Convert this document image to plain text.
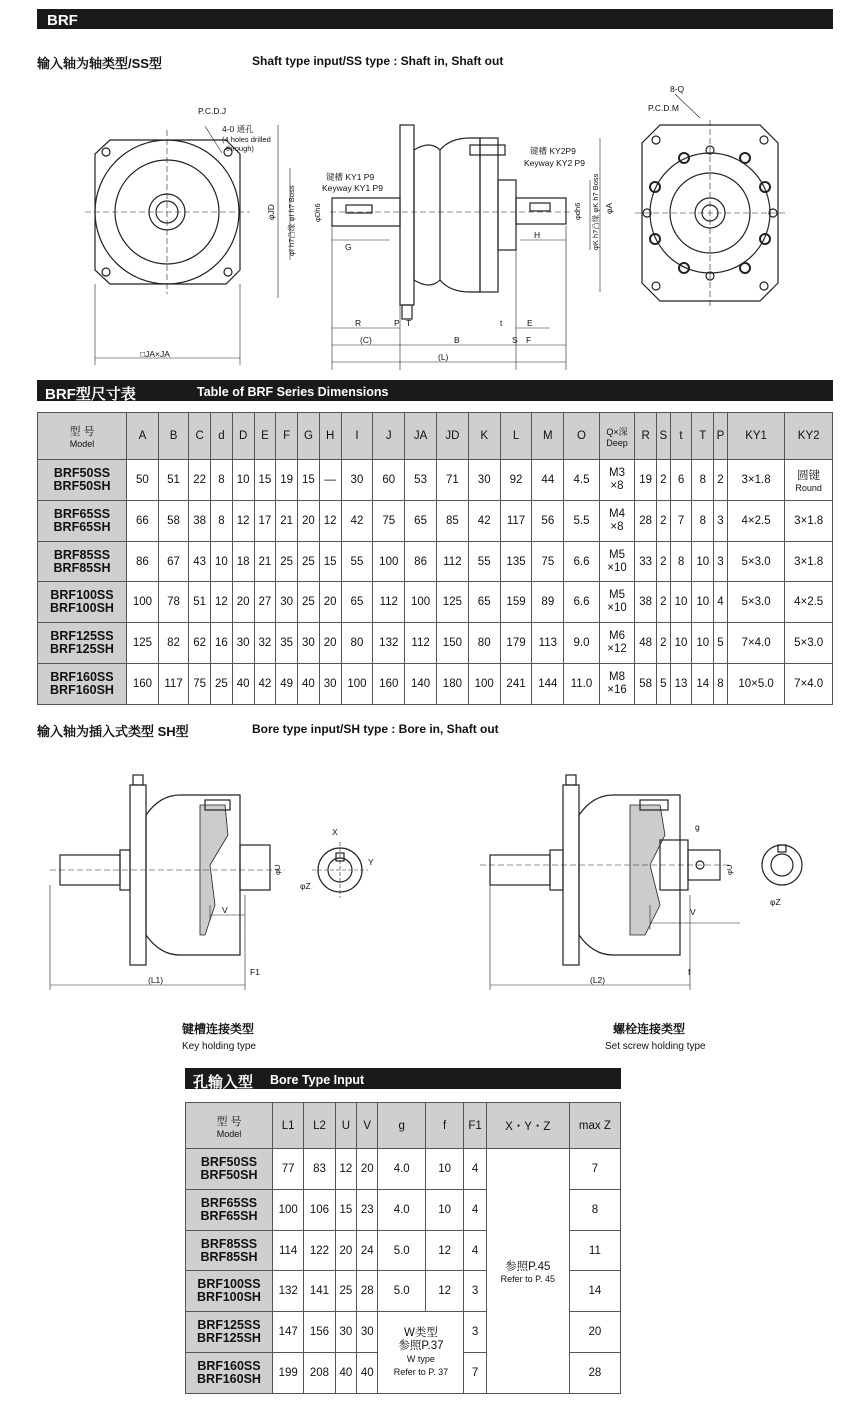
BRF
输入轴为轴类型/SS型	Shaft type input/SS type : Shaft in, Shaft out
P.C.D.J
4-0 通孔
(4 holes drilled
through)
□JA×JA
φJD φI h7凸缘 φI h7 Boss
键槽 KY1 P9
Keyway KY1 P9
φDh6
G
R	P T
(C)	B
(L)
t	E
S F
键槽 KY2P9
Keyway KY2 P9
φdh6
H	φK h7凸缘 φK h7 Boss φA
8-Q
P.C.D.M
BRF型尺寸表	Table of BRF Series Dimensions
型 号
Model	A	B	C	d	D	E	F	G	H	I	J	JA	JD	K	L	M	O	Q×深
Deep	R	S	t	T	P	KY1	KY2
BRF50SS
BRF50SH	50	51	22	8	10	15	19	15	—	30	60	53	71	30	92	44	4.5	M3
×8	19	2	6	8	2	3×1.8	圆键
Round

BRF65SS
BRF65SH	66	58	38	8	12	17	21	20	12	42	75	65	85	42	117	56	5.5	M4
×8	28	2	7	8	3	4×2.5	3×1.8
BRF85SS
BRF85SH	86	67	43	10	18	21	25	25	15	55	100	86	112	55	135	75	6.6	M5
×10	33	2	8	10	3	5×3.0	3×1.8
BRF100SS
BRF100SH	100	78	51	12	20	27	30	25	20	65	112	100	125	65	159	89	6.6	M5
×10	38	2	10	10	4	5×3.0	4×2.5
BRF125SS
BRF125SH	125	82	62	16	30	32	35	30	20	80	132	112	150	80	179	113	9.0	M6
×12	48	2	10	10	5	7×4.0	5×3.0
BRF160SS
BRF160SH	160	117	75	25	40	42	49	40	30	100	160	140	180	100	241	144	11.0	M8
×16	58	5	13	14	8	10×5.0	7×4.0
输入轴为插入式类型 SH型	Bore type input/SH type : Bore in, Shaft out
(L1)
F1
V
φU
X
Y
φZ
(L2)
f
V
g
φU
φZ
键槽连接类型
Key holding type
螺栓连接类型
Set screw holding type
孔输入型 Bore Type Input
型 号
Model	L1	L2	U	V	g	f	F1	X・Y・Z	max Z
BRF50SS
BRF50SH	77	83	12	20	4.0	10	4	参照P.45
Refer to P. 45	7
BRF65SS
BRF65SH	100	106	15	23	4.0	10	4		8
BRF85SS
BRF85SH	114	122	20	24	5.0	12	4		11
BRF100SS
BRF100SH	132	141	25	28	5.0	12	3		14
BRF125SS
BRF125SH	147	156	30	30	W类型
参照P.37
W type
Refer to P. 37		3		20
BRF160SS
BRF160SH	199	208	40	40			7		28
